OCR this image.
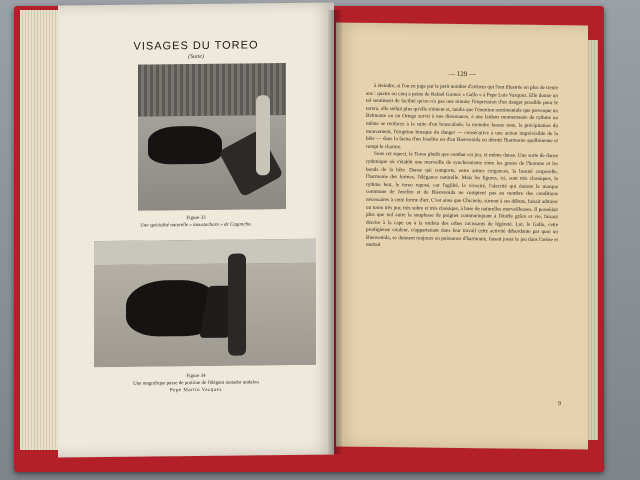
VISAGES DU TOREO
(Suite)
Figure 33
Une spécialité naturelle « moustacharo » de Cagancho.
Figure 34
Une magnifique passe de poitrine de l'élégant matador andalou
Pepe Martin Vazquez
— 129 —

à éteindre, si l'on en juge par le petit nombre d'artistes qui l'ont illustrée en plus de trente ans : quatre ou cinq à peine de Rafael Gomez « Gallo » à Pepe Luis Vazquez. Elle donne un tel sentiment de facilité qu'on n'a pas une minute l'impression d'un danger possible pour le torero, elle séduit plus qu'elle n'émeut et, tandis que l'émotion sentimentale que provoque un Belmonte ou un Ortega survit à une dissonance, à une laideur momentanée de rythme ou même se renforce à la suite d'un bousculade, la moindre fausse note, la précipitation du mouvement, l'éruption brusque du danger — consécutive à une action imprévisible de la bête — dans la faena d'un Joselito ou d'un Bienvenida en détruit l'harmonie apollinienne et rompt le charme.

Sous cet aspect, le Toreo plutôt que combat est jeu, et même danse. Une sorte de danse rythmique où s'établit une merveille de synchronisme entre les gestes de l'homme et les bonds de la bête. Danse qui comporte, entre autres exigences, la beauté corporelle, l'harmonie des formes, l'élégance naturelle. Mais les figures, ici, sont très classiques, le rythme lent, le toreo reposé, car l'agilité, la vivacité, l'alacrité qui étaient la marque commune de Joselito et de Bienvenida ne comptent pas au nombre des conditions nécessaires à cette forme d'art. C'est ainsi que Chicuelo, surtout à ses débuts, faisait admirer un toreo très pur, très sobre et très classique, à base de naturelles merveilleuses. Il possédait plus que nul autre la souplesse de poignet communiquant à l'étoffe grâce et vie, faisant décrire à la cape ou à la muleta des orbes ravissants de légèreté. Lui, le Gallo, cette prodigieuse couleur, n'appartenant dans leur travail cette activité débordante par quoi un Bienvenida, se donnent toujours en puissance d'harmonie, faisait jouer le jeu dans l'arène et mettait

9
